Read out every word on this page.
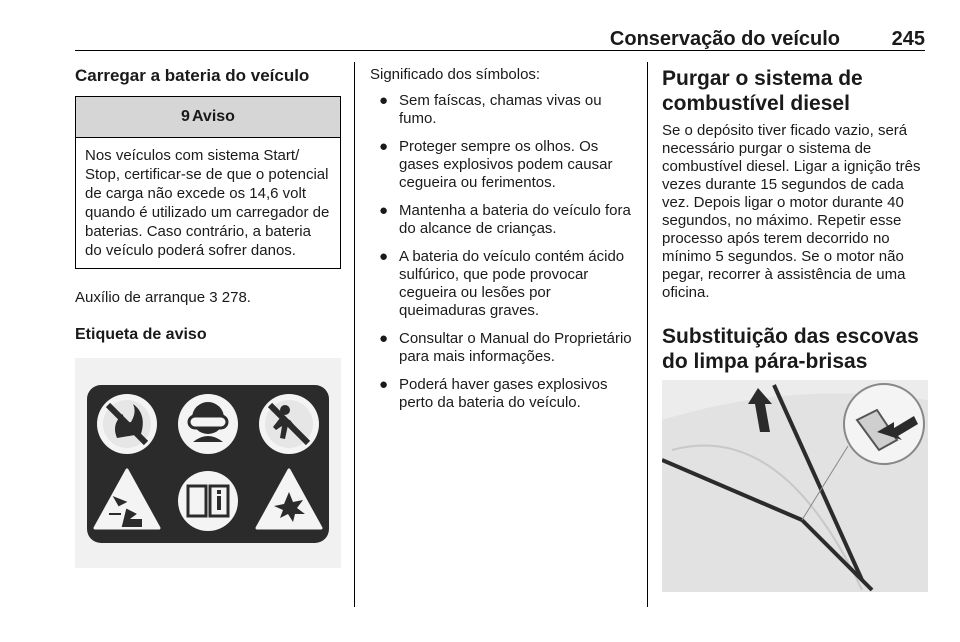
Conservação do veículo	245
Carregar a bateria do veículo
9 Aviso
Nos veículos com sistema Start/ Stop, certificar-se de que o potencial de carga não excede os 14,6 volt quando é utilizado um carregador de baterias. Caso contrário, a bateria do veículo poderá sofrer danos.
Auxílio de arranque 3 278.
Etiqueta de aviso
Significado dos símbolos:
● Sem faíscas, chamas vivas ou fumo.
● Proteger sempre os olhos. Os gases explosivos podem causar cegueira ou ferimentos.
● Mantenha a bateria do veículo fora do alcance de crianças.
● A bateria do veículo contém ácido sulfúrico, que pode provocar cegueira ou lesões por queimaduras graves.
● Consultar o Manual do Proprietário para mais informações.
● Poderá haver gases explosivos perto da bateria do veículo.
Purgar o sistema de combustível diesel
Se o depósito tiver ficado vazio, será necessário purgar o sistema de combustível diesel. Ligar a ignição três vezes durante 15 segundos de cada vez. Depois ligar o motor durante 40 segundos, no máximo. Repetir esse processo após terem decorrido no mínimo 5 segundos. Se o motor não pegar, recorrer à assistência de uma oficina.
Substituição das escovas do limpa pára-brisas
